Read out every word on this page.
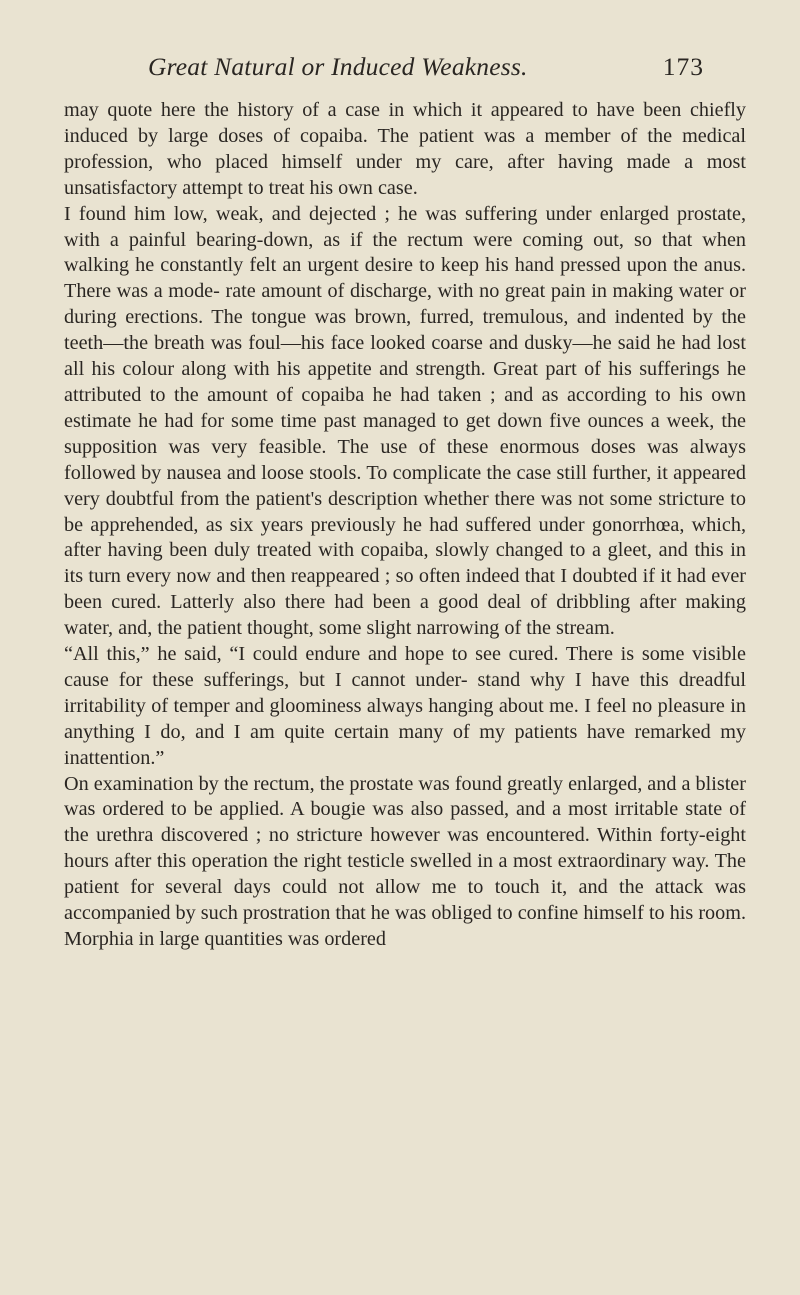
Great Natural or Induced Weakness.	173

may quote here the history of a case in which it appeared to have been chiefly induced by large doses of copaiba. The patient was a member of the medical profession, who placed himself under my care, after having made a most unsatisfactory attempt to treat his own case.

I found him low, weak, and dejected ; he was suffering under enlarged prostate, with a painful bearing-down, as if the rectum were coming out, so that when walking he constantly felt an urgent desire to keep his hand pressed upon the anus. There was a mode- rate amount of discharge, with no great pain in making water or during erections. The tongue was brown, furred, tremulous, and indented by the teeth—the breath was foul—his face looked coarse and dusky—he said he had lost all his colour along with his appetite and strength. Great part of his sufferings he attributed to the amount of copaiba he had taken ; and as according to his own estimate he had for some time past managed to get down five ounces a week, the supposition was very feasible. The use of these enormous doses was always followed by nausea and loose stools. To complicate the case still further, it appeared very doubtful from the patient's description whether there was not some stricture to be apprehended, as six years previously he had suffered under gonorrhœa, which, after having been duly treated with copaiba, slowly changed to a gleet, and this in its turn every now and then reappeared ; so often indeed that I doubted if it had ever been cured. Latterly also there had been a good deal of dribbling after making water, and, the patient thought, some slight narrowing of the stream.

“All this,” he said, “I could endure and hope to see cured. There is some visible cause for these sufferings, but I cannot under- stand why I have this dreadful irritability of temper and gloominess always hanging about me. I feel no pleasure in anything I do, and I am quite certain many of my patients have remarked my inattention.”

On examination by the rectum, the prostate was found greatly enlarged, and a blister was ordered to be applied. A bougie was also passed, and a most irritable state of the urethra discovered ; no stricture however was encountered. Within forty-eight hours after this operation the right testicle swelled in a most extraordinary way. The patient for several days could not allow me to touch it, and the attack was accompanied by such prostration that he was obliged to confine himself to his room. Morphia in large quantities was ordered
